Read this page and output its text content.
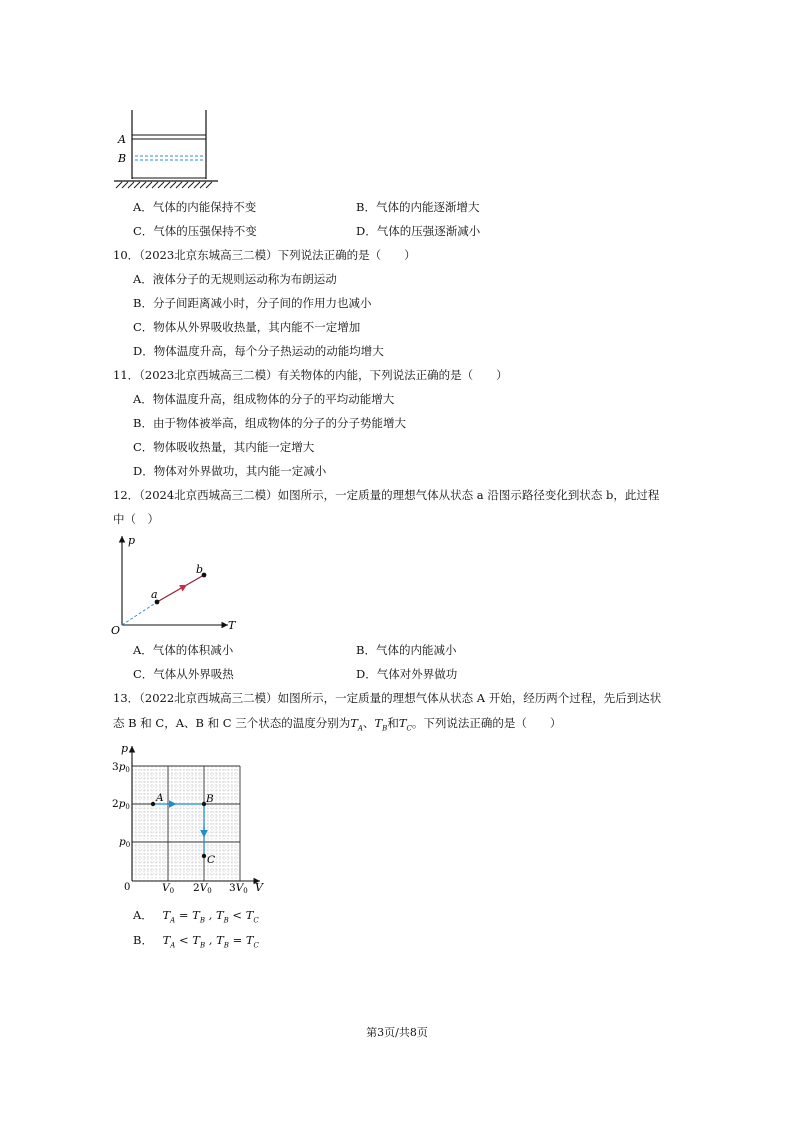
A
B
A．气体的内能保持不变	B．气体的内能逐渐增大
C．气体的压强保持不变	D．气体的压强逐渐减小
10．（2023北京东城高三二模）下列说法正确的是（　　）
A．液体分子的无规则运动称为布朗运动
B．分子间距离减小时，分子间的作用力也减小
C．物体从外界吸收热量，其内能不一定增加
D．物体温度升高，每个分子热运动的动能均增大
11．（2023北京西城高三二模）有关物体的内能，下列说法正确的是（　　）
A．物体温度升高，组成物体的分子的平均动能增大
B．由于物体被举高，组成物体的分子的分子势能增大
C．物体吸收热量，其内能一定增大
D．物体对外界做功，其内能一定减小
12．（2024北京西城高三二模）如图所示，一定质量的理想气体从状态 a 沿图示路径变化到状态 b，此过程
中（　）
p
T
O
a
b
A．气体的体积减小	B．气体的内能减小
C．气体从外界吸热	D．气体对外界做功
13．（2022北京西城高三二模）如图所示，一定质量的理想气体从状态 A 开始，经历两个过程，先后到达状
态 B 和 C，A、B 和 C 三个状态的温度分别为$T_A$、$T_B$和$T_C$。下列说法正确的是（　　）
A	B
C
p
V
0
3p0
2p0
p0
V0 2V0 3V0
A． $T_A = T_B$ , $T_B < T_C$
B． $T_A < T_B$ , $T_B = T_C$
第3页/共8页
